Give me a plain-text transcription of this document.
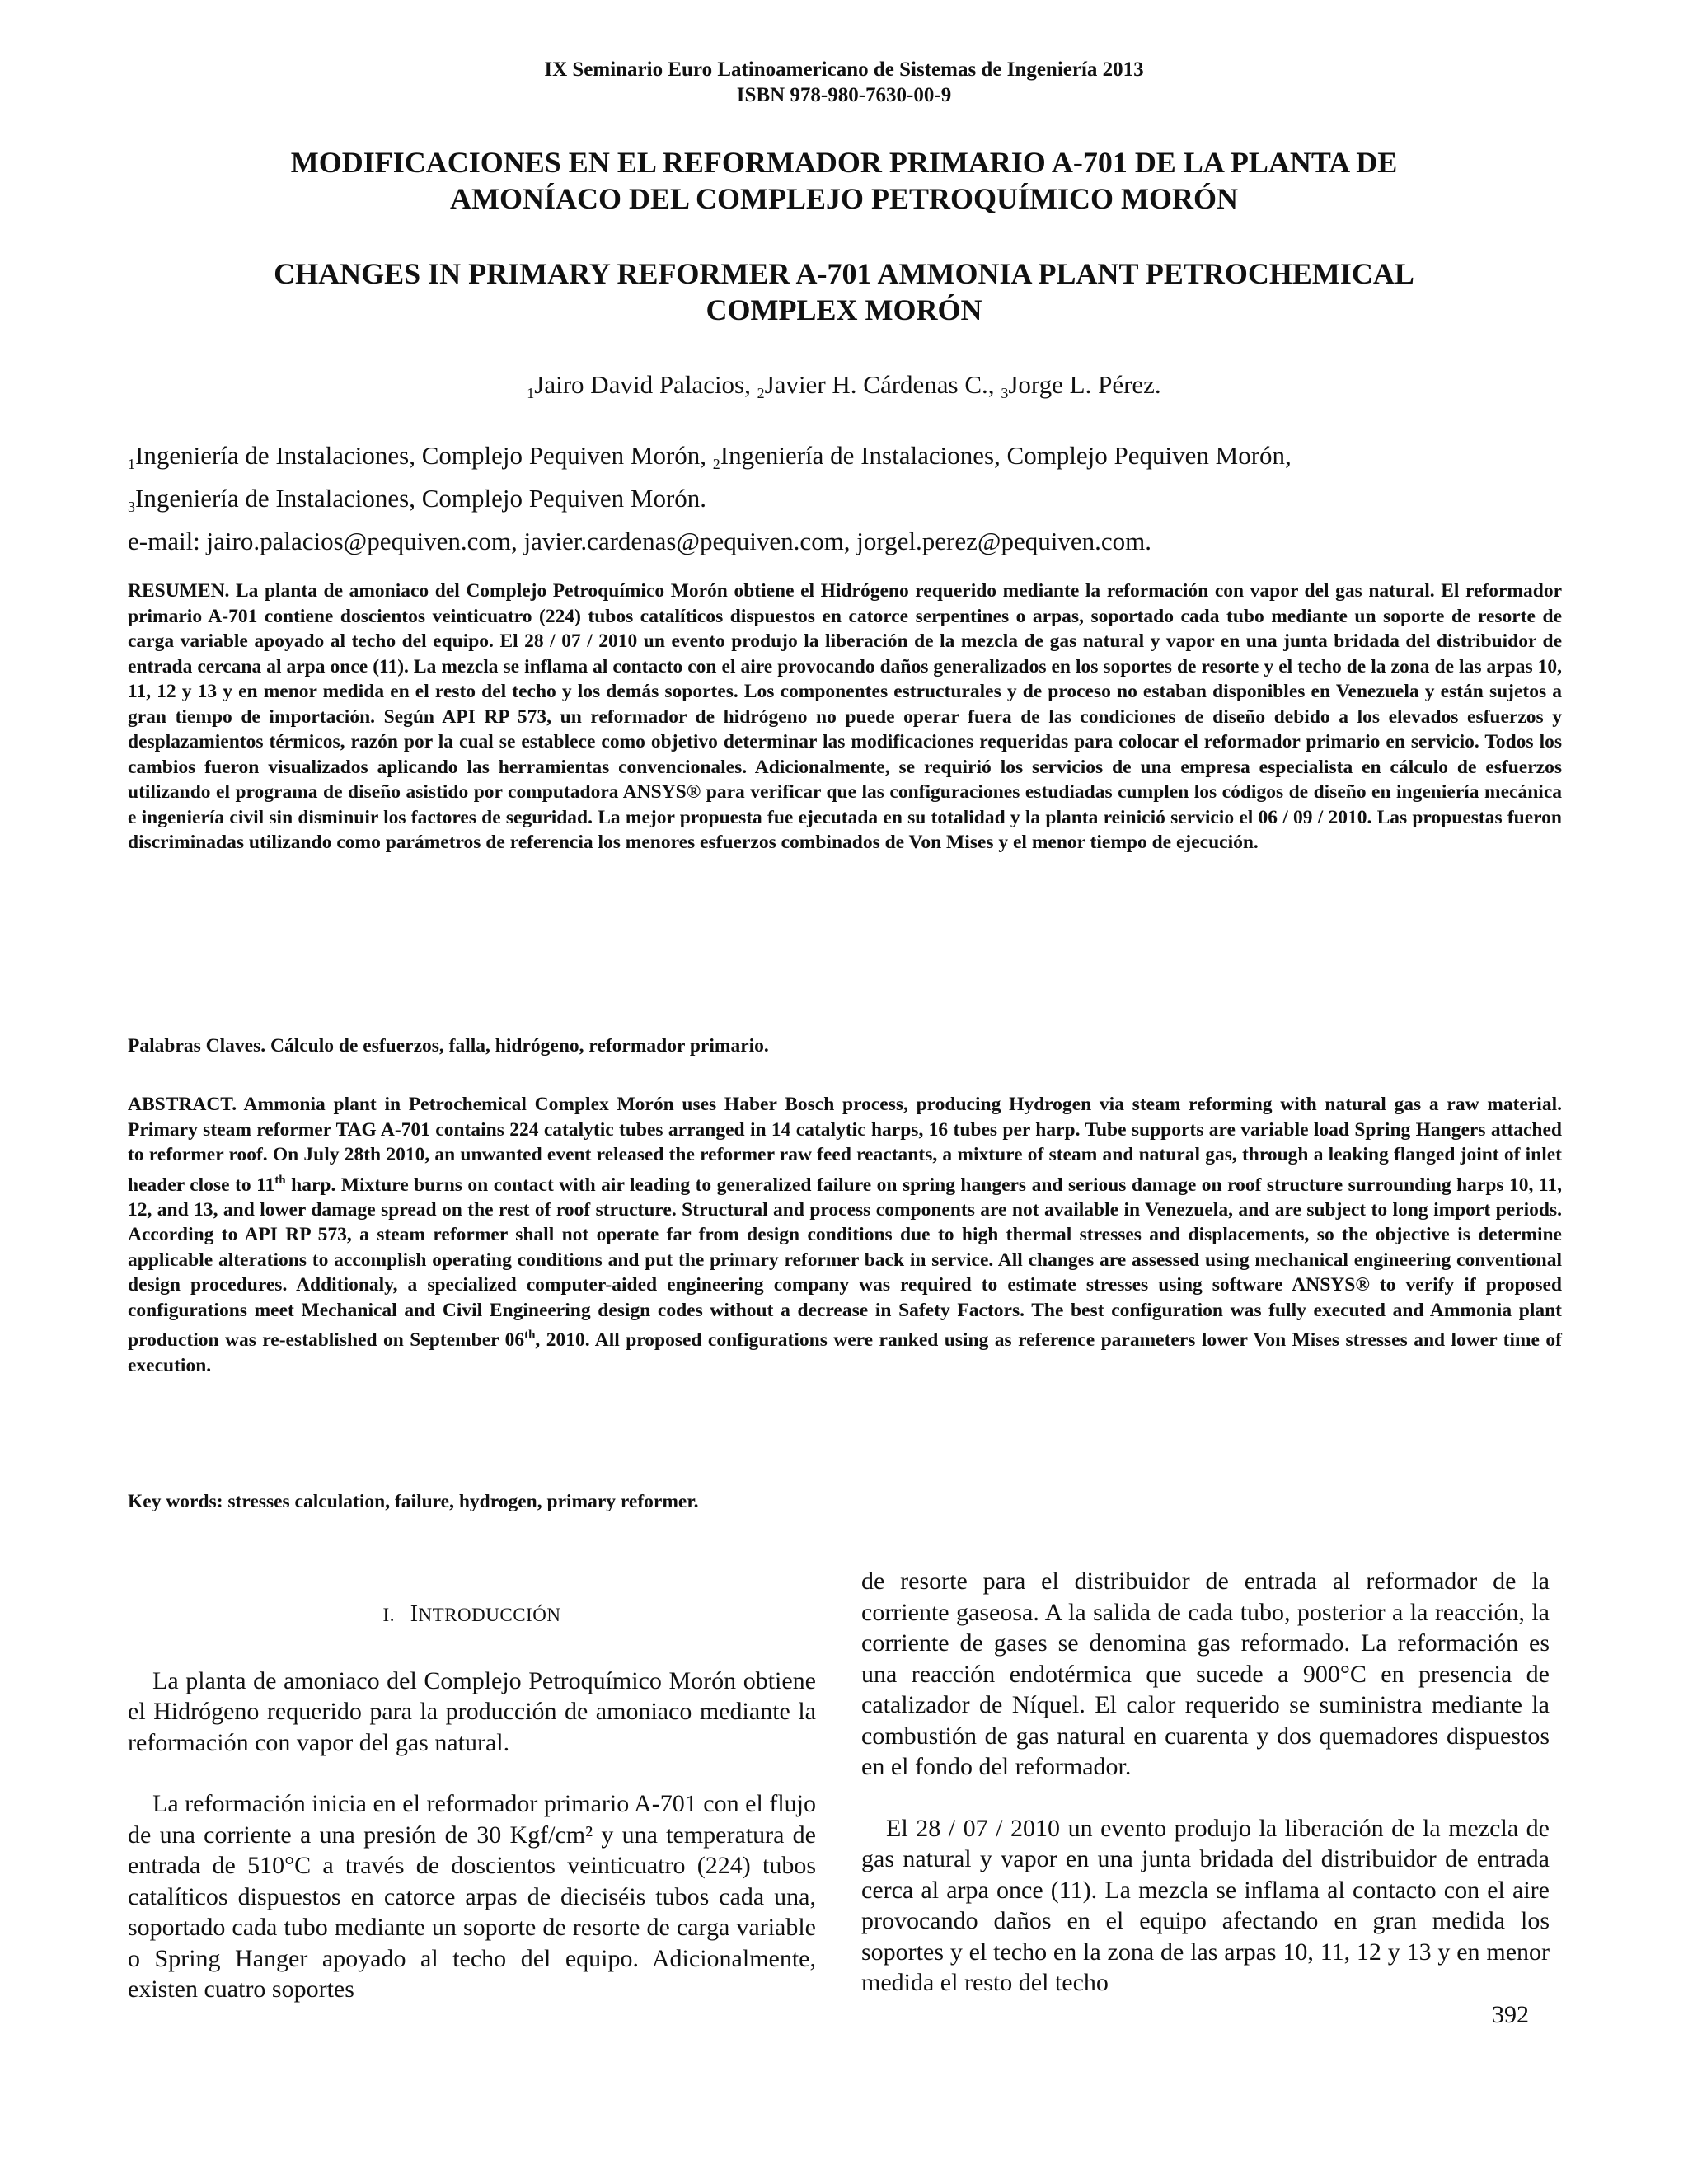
IX Seminario Euro Latinoamericano de Sistemas de Ingeniería 2013
ISBN 978-980-7630-00-9
MODIFICACIONES EN EL REFORMADOR PRIMARIO A-701 DE LA PLANTA DE
AMONÍACO DEL COMPLEJO PETROQUÍMICO MORÓN
CHANGES IN PRIMARY REFORMER A-701 AMMONIA PLANT PETROCHEMICAL
COMPLEX MORÓN
$_1$Jairo David Palacios, $_2$Javier H. Cárdenas C., $_3$Jorge L. Pérez.
$_1$Ingeniería de Instalaciones, Complejo Pequiven Morón, $_2$Ingeniería de Instalaciones, Complejo Pequiven Morón,
$_3$Ingeniería de Instalaciones, Complejo Pequiven Morón.
e-mail: jairo.palacios@pequiven.com, javier.cardenas@pequiven.com, jorgel.perez@pequiven.com.
RESUMEN. La planta de amoniaco del Complejo Petroquímico Morón obtiene el Hidrógeno requerido mediante la reformación con vapor del gas natural. El reformador primario A-701 contiene doscientos veinticuatro (224) tubos catalíticos dispuestos en catorce serpentines o arpas, soportado cada tubo mediante un soporte de resorte de carga variable apoyado al techo del equipo. El 28 / 07 / 2010 un evento produjo la liberación de la mezcla de gas natural y vapor en una junta bridada del distribuidor de entrada cercana al arpa once (11). La mezcla se inflama al contacto con el aire provocando daños generalizados en los soportes de resorte y el techo de la zona de las arpas 10, 11, 12 y 13 y en menor medida en el resto del techo y los demás soportes. Los componentes estructurales y de proceso no estaban disponibles en Venezuela y están sujetos a gran tiempo de importación. Según API RP 573, un reformador de hidrógeno no puede operar fuera de las condiciones de diseño debido a los elevados esfuerzos y desplazamientos térmicos, razón por la cual se establece como objetivo determinar las modificaciones requeridas para colocar el reformador primario en servicio. Todos los cambios fueron visualizados aplicando las herramientas convencionales. Adicionalmente, se requirió los servicios de una empresa especialista en cálculo de esfuerzos utilizando el programa de diseño asistido por computadora ANSYS® para verificar que las configuraciones estudiadas cumplen los códigos de diseño en ingeniería mecánica e ingeniería civil sin disminuir los factores de seguridad. La mejor propuesta fue ejecutada en su totalidad y la planta reinició servicio el 06 / 09 / 2010. Las propuestas fueron discriminadas utilizando como parámetros de referencia los menores esfuerzos combinados de Von Mises y el menor tiempo de ejecución.
Palabras Claves. Cálculo de esfuerzos, falla, hidrógeno, reformador primario.
ABSTRACT. Ammonia plant in Petrochemical Complex Morón uses Haber Bosch process, producing Hydrogen via steam reforming with natural gas a raw material. Primary steam reformer TAG A-701 contains 224 catalytic tubes arranged in 14 catalytic harps, 16 tubes per harp. Tube supports are variable load Spring Hangers attached to reformer roof. On July 28th 2010, an unwanted event released the reformer raw feed reactants, a mixture of steam and natural gas, through a leaking flanged joint of inlet header close to 11th harp. Mixture burns on contact with air leading to generalized failure on spring hangers and serious damage on roof structure surrounding harps 10, 11, 12, and 13, and lower damage spread on the rest of roof structure. Structural and process components are not available in Venezuela, and are subject to long import periods. According to API RP 573, a steam reformer shall not operate far from design conditions due to high thermal stresses and displacements, so the objective is determine applicable alterations to accomplish operating conditions and put the primary reformer back in service. All changes are assessed using mechanical engineering conventional design procedures. Additionaly, a specialized computer-aided engineering company was required to estimate stresses using software ANSYS® to verify if proposed configurations meet Mechanical and Civil Engineering design codes without a decrease in Safety Factors. The best configuration was fully executed and Ammonia plant production was re-established on September 06th, 2010. All proposed configurations were ranked using as reference parameters lower Von Mises stresses and lower time of execution.
Key words: stresses calculation, failure, hydrogen, primary reformer.
I. INTRODUCCIÓN

La planta de amoniaco del Complejo Petroquímico Morón obtiene el Hidrógeno requerido para la producción de amoniaco mediante la reformación con vapor del gas natural.

La reformación inicia en el reformador primario A-701 con el flujo de una corriente a una presión de 30 Kgf/cm² y una temperatura de entrada de 510°C a través de doscientos veinticuatro (224) tubos catalíticos dispuestos en catorce arpas de dieciséis tubos cada una, soportado cada tubo mediante un soporte de resorte de carga variable o Spring Hanger apoyado al techo del equipo. Adicionalmente, existen cuatro soportes

de resorte para el distribuidor de entrada al reformador de la corriente gaseosa. A la salida de cada tubo, posterior a la reacción, la corriente de gases se denomina gas reformado. La reformación es una reacción endotérmica que sucede a 900°C en presencia de catalizador de Níquel. El calor requerido se suministra mediante la combustión de gas natural en cuarenta y dos quemadores dispuestos en el fondo del reformador.

El 28 / 07 / 2010 un evento produjo la liberación de la mezcla de gas natural y vapor en una junta bridada del distribuidor de entrada cerca al arpa once (11). La mezcla se inflama al contacto con el aire provocando daños en el equipo afectando en gran medida los soportes y el techo en la zona de las arpas 10, 11, 12 y 13 y en menor medida el resto del techo

392
